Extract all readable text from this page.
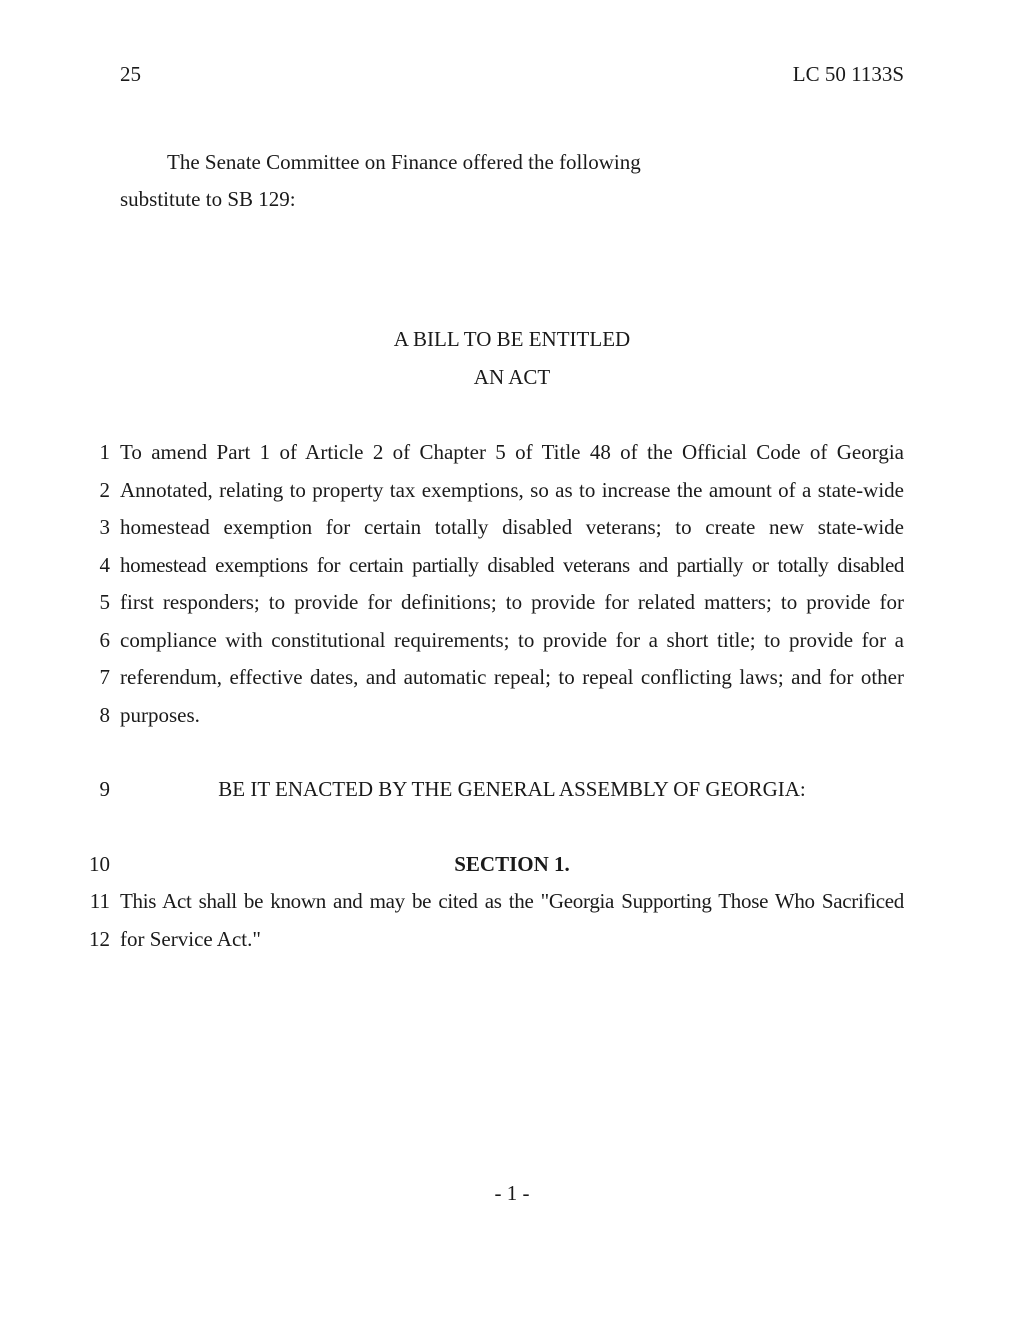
25	LC 50 1133S
The Senate Committee on Finance offered the following
substitute to SB 129:
A BILL TO BE ENTITLED
AN ACT
1 To amend Part 1 of Article 2 of Chapter 5 of Title 48 of the Official Code of Georgia
2 Annotated, relating to property tax exemptions, so as to increase the amount of a state-wide
3 homestead exemption for certain totally disabled veterans; to create new state-wide
4 homestead exemptions for certain partially disabled veterans and partially or totally disabled
5 first responders; to provide for definitions; to provide for related matters; to provide for
6 compliance with constitutional requirements; to provide for a short title; to provide for a
7 referendum, effective dates, and automatic repeal; to repeal conflicting laws; and for other
8 purposes.
9	BE IT ENACTED BY THE GENERAL ASSEMBLY OF GEORGIA:
10	SECTION 1.
11 This Act shall be known and may be cited as the "Georgia Supporting Those Who Sacrificed
12 for Service Act."
- 1 -
